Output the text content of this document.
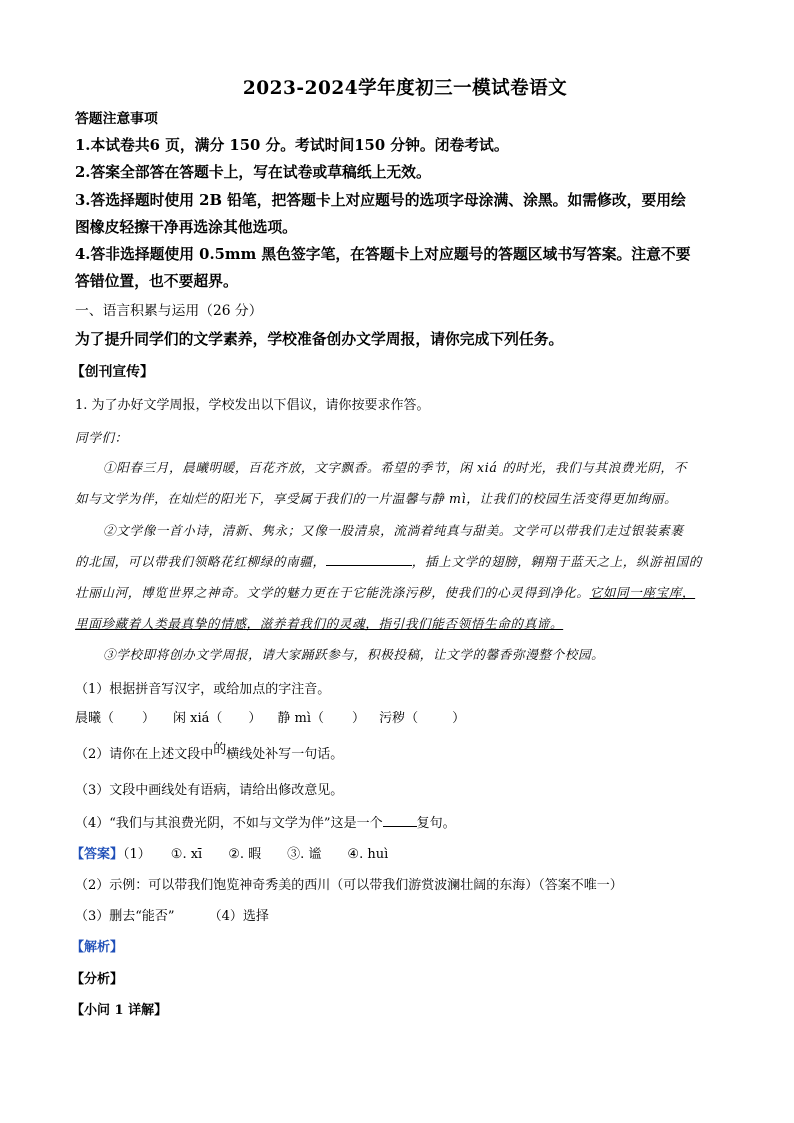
2023-2024学年度初三一模试卷语文
答题注意事项
1.本试卷共6 页，满分 150 分。考试时间150 分钟。闭卷考试。
2.答案全部答在答题卡上，写在试卷或草稿纸上无效。
3.答选择题时使用 2B 铅笔，把答题卡上对应题号的选项字母涂满、涂黑。如需修改，要用绘
图橡皮轻擦干净再选涂其他选项。
4.答非选择题使用 0.5mm 黑色签字笔，在答题卡上对应题号的答题区域书写答案。注意不要
答错位置，也不要超界。
一、语言积累与运用（26 分）
为了提升同学们的文学素养，学校准备创办文学周报，请你完成下列任务。
【创刊宣传】
1. 为了办好文学周报，学校发出以下倡议，请你按要求作答。
同学们：
①阳春三月，晨曦明暖，百花齐放，文字飘香。希望的季节，闲 xiá 的时光，我们与其浪费光阴，不
如与文学为伴，在灿烂的阳光下，享受属于我们的一片温馨与静 mì，让我们的校园生活变得更加绚丽。
②文学像一首小诗，清新、隽永；又像一股清泉，流淌着纯真与甜美。文学可以带我们走过银装素裹
的北国，可以带我们领略花红柳绿的南疆，	，插上文学的翅膀，翱翔于蓝天之上，纵游祖国的
壮丽山河，博览世界之神奇。文学的魅力更在于它能洗涤污秽，使我们的心灵得到净化。它如同一座宝库，
里面珍藏着人类最真挚的情感，滋养着我们的灵魂，指引我们能否领悟生命的真谛。
③学校即将创办文学周报，请大家踊跃参与，积极投稿，让文学的馨香弥漫整个校园。
（1）根据拼音写汉字，或给加点的字注音。
晨曦（ ） 闲 xiá（ ） 静 mì（ ） 污秽（	）
（2）请你在上述文段中的横线处补写一句话。
（3）文段中画线处有语病，请给出修改意见。
（4）“我们与其浪费光阴，不如与文学为伴”这是一个	复句。
【答案】（1） ①. xī ②. 暇 ③. 谧 ④. huì
（2）示例：可以带我们饱览神奇秀美的西川（可以带我们游赏波澜壮阔的东海）（答案不唯一）
（3）删去“能否”	（4）选择
【解析】
【分析】
【小问 1 详解】
